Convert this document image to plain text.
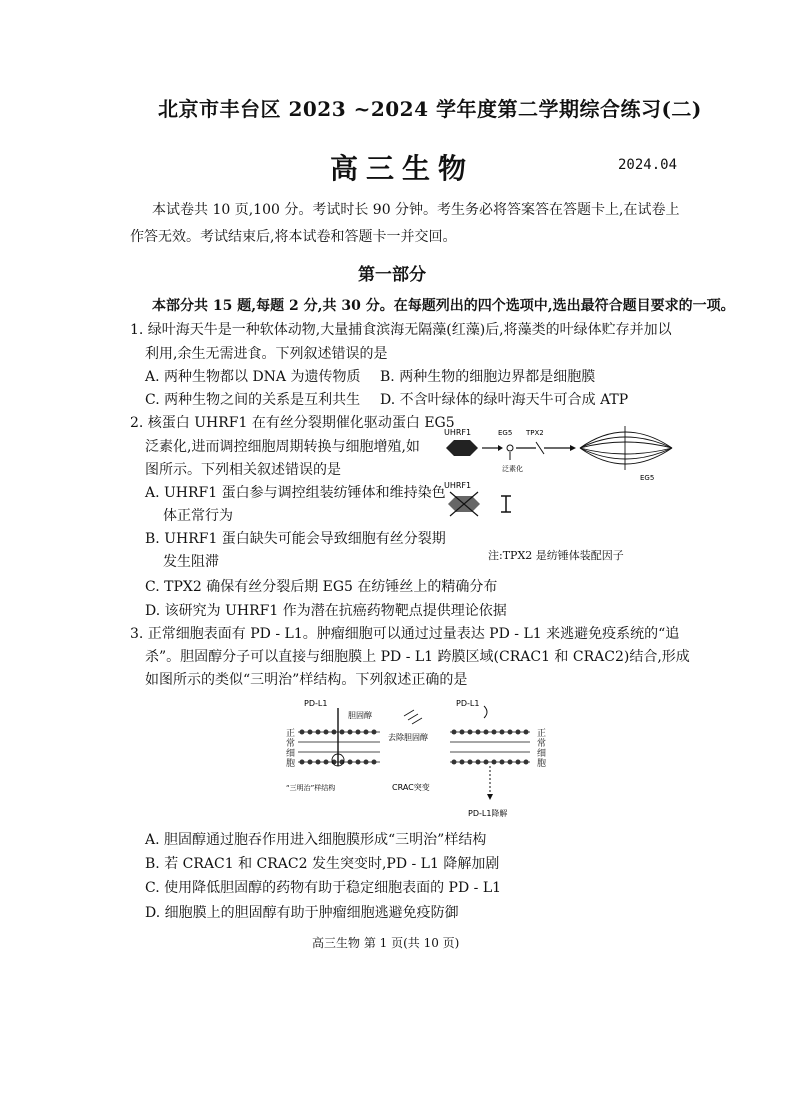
北京市丰台区 2023 ~2024 学年度第二学期综合练习(二)
高三生物	2024.04
本试卷共 10 页,100 分。考试时长 90 分钟。考生务必将答案答在答题卡上,在试卷上
作答无效。考试结束后,将本试卷和答题卡一并交回。
第一部分
本部分共 15 题,每题 2 分,共 30 分。在每题列出的四个选项中,选出最符合题目要求的一项。
1. 绿叶海天牛是一种软体动物,大量捕食滨海无隔藻(红藻)后,将藻类的叶绿体贮存并加以
利用,余生无需进食。下列叙述错误的是
A. 两种生物都以 DNA 为遗传物质 B. 两种生物的细胞边界都是细胞膜
C. 两种生物之间的关系是互利共生 D. 不含叶绿体的绿叶海天牛可合成 ATP
2. 核蛋白 UHRF1 在有丝分裂期催化驱动蛋白 EG5
泛素化,进而调控细胞周期转换与细胞增殖,如
图所示。下列相关叙述错误的是
A. UHRF1 蛋白参与调控组装纺锤体和维持染色
体正常行为
B. UHRF1 蛋白缺失可能会导致细胞有丝分裂期
发生阻滞
C. TPX2 确保有丝分裂后期 EG5 在纺锤丝上的精确分布
D. 该研究为 UHRF1 作为潜在抗癌药物靶点提供理论依据
UHRF1	EG5
泛素化
TPX2
EG5
UHRF1
注:TPX2 是纺锤体装配因子
3. 正常细胞表面有 PD - L1。肿瘤细胞可以通过过量表达 PD - L1 来逃避免疫系统的“追
杀”。胆固醇分子可以直接与细胞膜上 PD - L1 跨膜区域(CRAC1 和 CRAC2)结合,形成
如图所示的类似“三明治”样结构。下列叙述正确的是
PD-L1
胆固醇
去除胆固醇
PD-L1
“三明治”样结构	CRAC突变
PD-L1降解
正常细胞
正常细胞
A. 胆固醇通过胞吞作用进入细胞膜形成“三明治”样结构
B. 若 CRAC1 和 CRAC2 发生突变时,PD - L1 降解加剧
C. 使用降低胆固醇的药物有助于稳定细胞表面的 PD - L1
D. 细胞膜上的胆固醇有助于肿瘤细胞逃避免疫防御
高三生物 第 1 页(共 10 页)
